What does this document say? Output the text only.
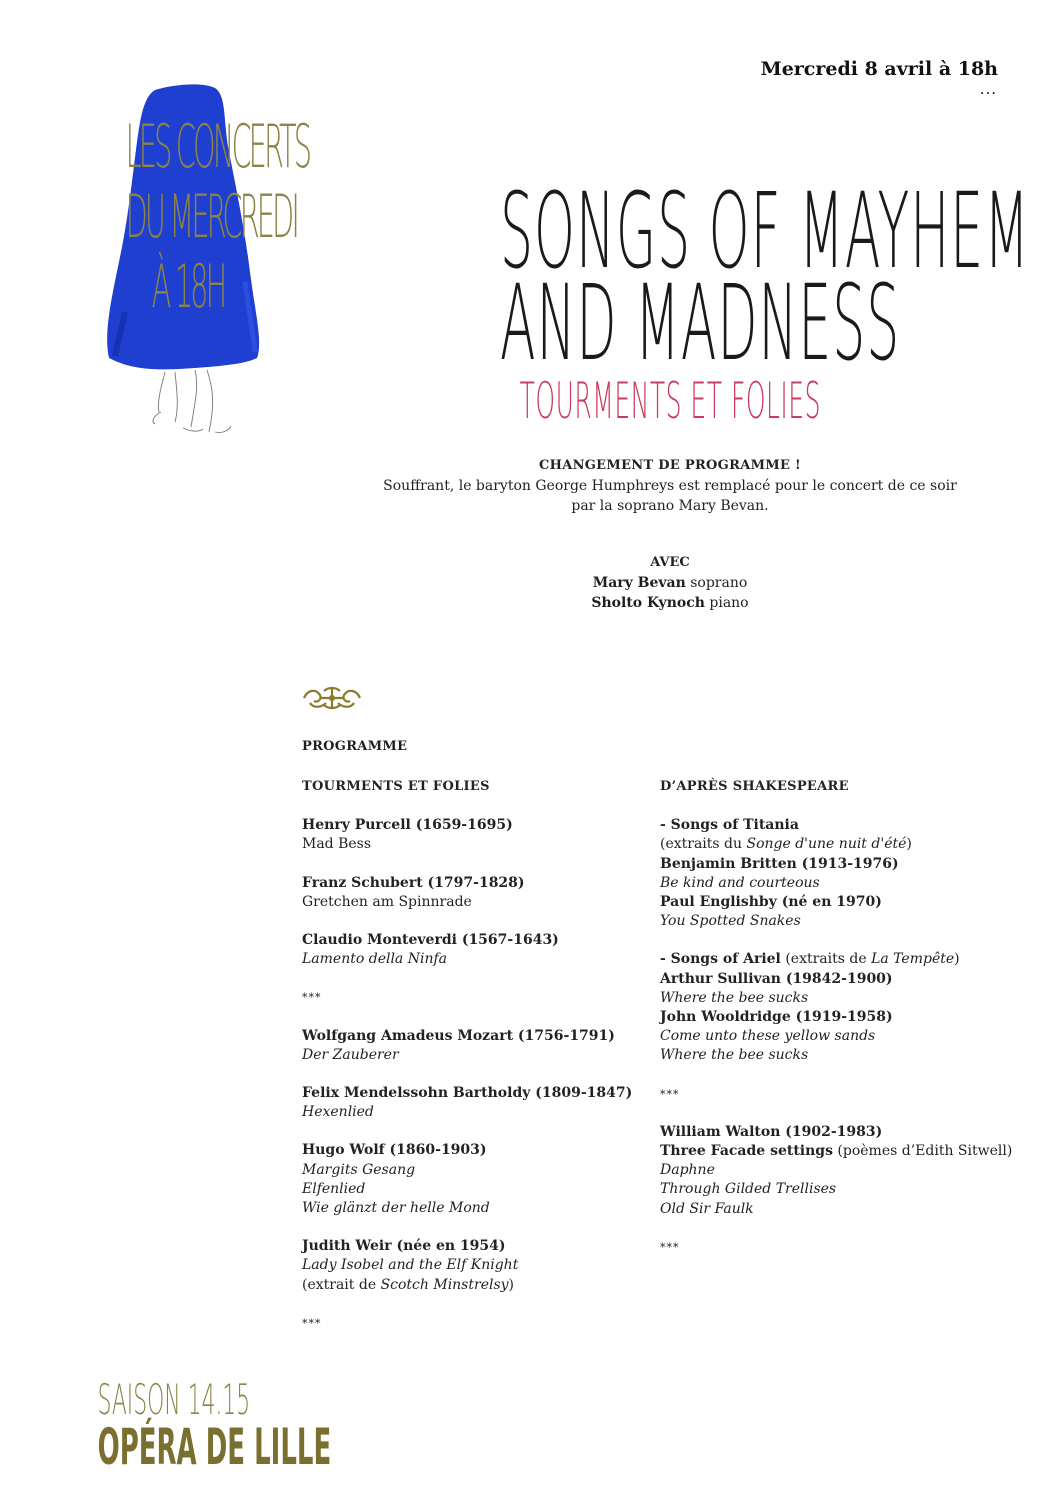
Mercredi 8 avril à 18h
...
LES CONCERTS
DU MERCREDI
À 18H	SONGS OF MAYHEM
AND MADNESS
TOURMENTS ET FOLIES
CHANGEMENT DE PROGRAMME !
Souffrant, le baryton George Humphreys est remplacé pour le concert de ce soir
par la soprano Mary Bevan.
AVEC
Mary Bevan soprano
Sholto Kynoch piano
PROGRAMME
TOURMENTS ET FOLIES
Henry Purcell (1659-1695)
Mad Bess
Franz Schubert (1797-1828)
Gretchen am Spinnrade
Claudio Monteverdi (1567-1643)
Lamento della Ninfa
***
Wolfgang Amadeus Mozart (1756-1791)
Der Zauberer
Felix Mendelssohn Bartholdy (1809-1847)
Hexenlied
Hugo Wolf (1860-1903)
Margits Gesang
Elfenlied
Wie glänzt der helle Mond
Judith Weir (née en 1954)
Lady Isobel and the Elf Knight
(extrait de Scotch Minstrelsy)
***
D’APRÈS SHAKESPEARE
- Songs of Titania
(extraits du Songe d'une nuit d'été)
Benjamin Britten (1913-1976)
Be kind and courteous
Paul Englishby (né en 1970)
You Spotted Snakes
- Songs of Ariel (extraits de La Tempête)
Arthur Sullivan (19842-1900)
Where the bee sucks
John Wooldridge (1919-1958)
Come unto these yellow sands
Where the bee sucks
***
William Walton (1902-1983)
Three Facade settings (poèmes d’Edith Sitwell)
Daphne
Through Gilded Trellises
Old Sir Faulk
***
SAISON 14.15
OPÉRA DE LILLE
